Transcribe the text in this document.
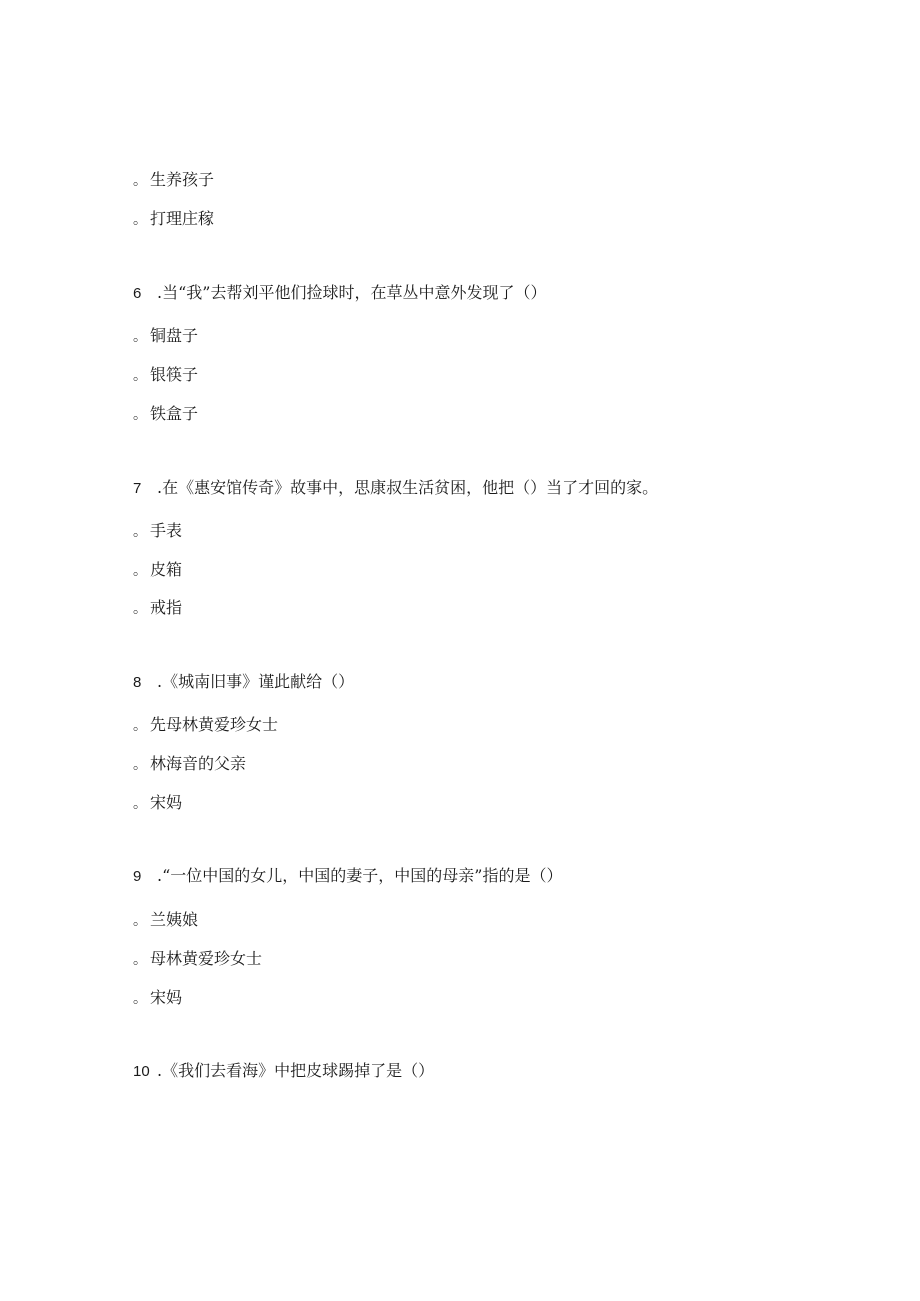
。 生养孩子
。 打理庄稼
6 .当“我”去帮刘平他们捡球时，在草丛中意外发现了（）
。 铜盘子
。 银筷子
。 铁盒子
7 .在《惠安馆传奇》故事中，思康叔生活贫困，他把（）当了才回的家。
。 手表
。 皮箱
。 戒指
8 .《城南旧事》谨此献给（）
。 先母林黄爱珍女士
。 林海音的父亲
。 宋妈
9 .“一位中国的女儿，中国的妻子，中国的母亲”指的是（）
。 兰姨娘
。 母林黄爱珍女士
。 宋妈
10 .《我们去看海》中把皮球踢掉了是（）
